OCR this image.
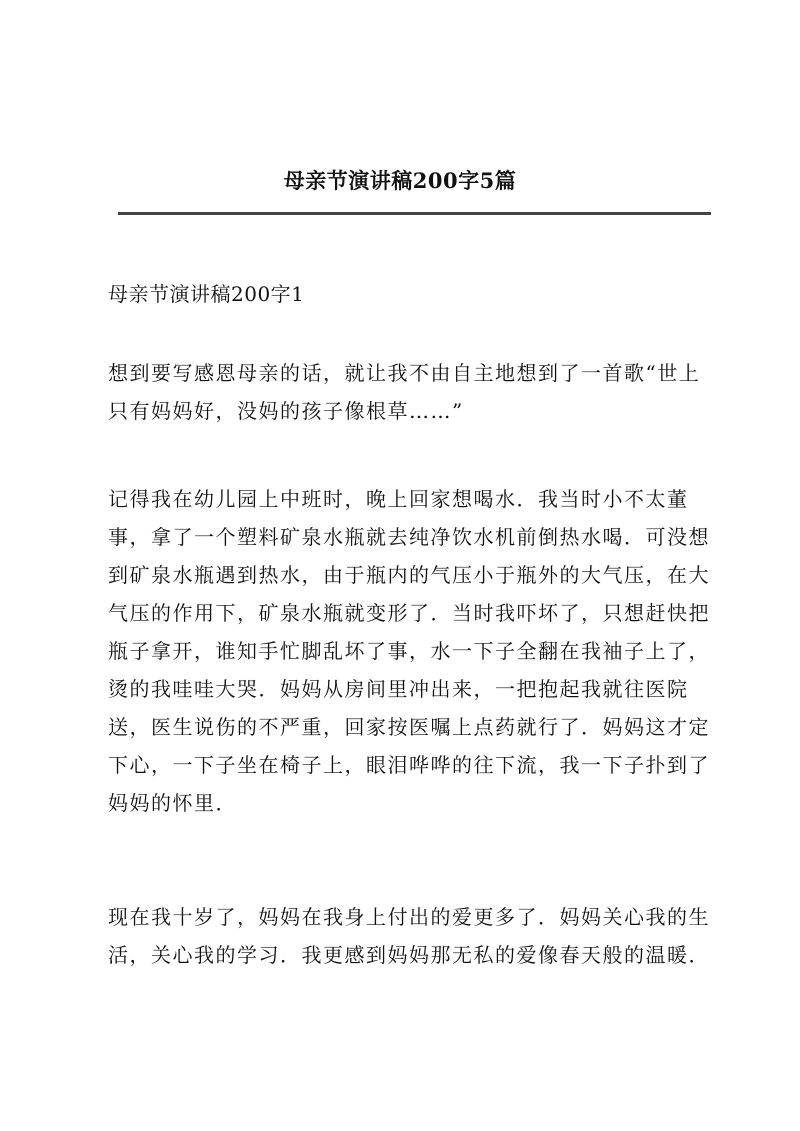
母亲节演讲稿200字5篇
母亲节演讲稿200字1

想到要写感恩母亲的话，就让我不由自主地想到了一首歌“世上
只有妈妈好，没妈的孩子像根草……”

记得我在幼儿园上中班时，晚上回家想喝水．我当时小不太董
事，拿了一个塑料矿泉水瓶就去纯净饮水机前倒热水喝．可没想
到矿泉水瓶遇到热水，由于瓶内的气压小于瓶外的大气压，在大
气压的作用下，矿泉水瓶就变形了．当时我吓坏了，只想赶快把
瓶子拿开，谁知手忙脚乱坏了事，水一下子全翻在我袖子上了，
烫的我哇哇大哭．妈妈从房间里冲出来，一把抱起我就往医院
送，医生说伤的不严重，回家按医嘱上点药就行了．妈妈这才定
下心，一下子坐在椅子上，眼泪哗哗的往下流，我一下子扑到了
妈妈的怀里．

现在我十岁了，妈妈在我身上付出的爱更多了．妈妈关心我的生
活，关心我的学习．我更感到妈妈那无私的爱像春天般的温暖．
